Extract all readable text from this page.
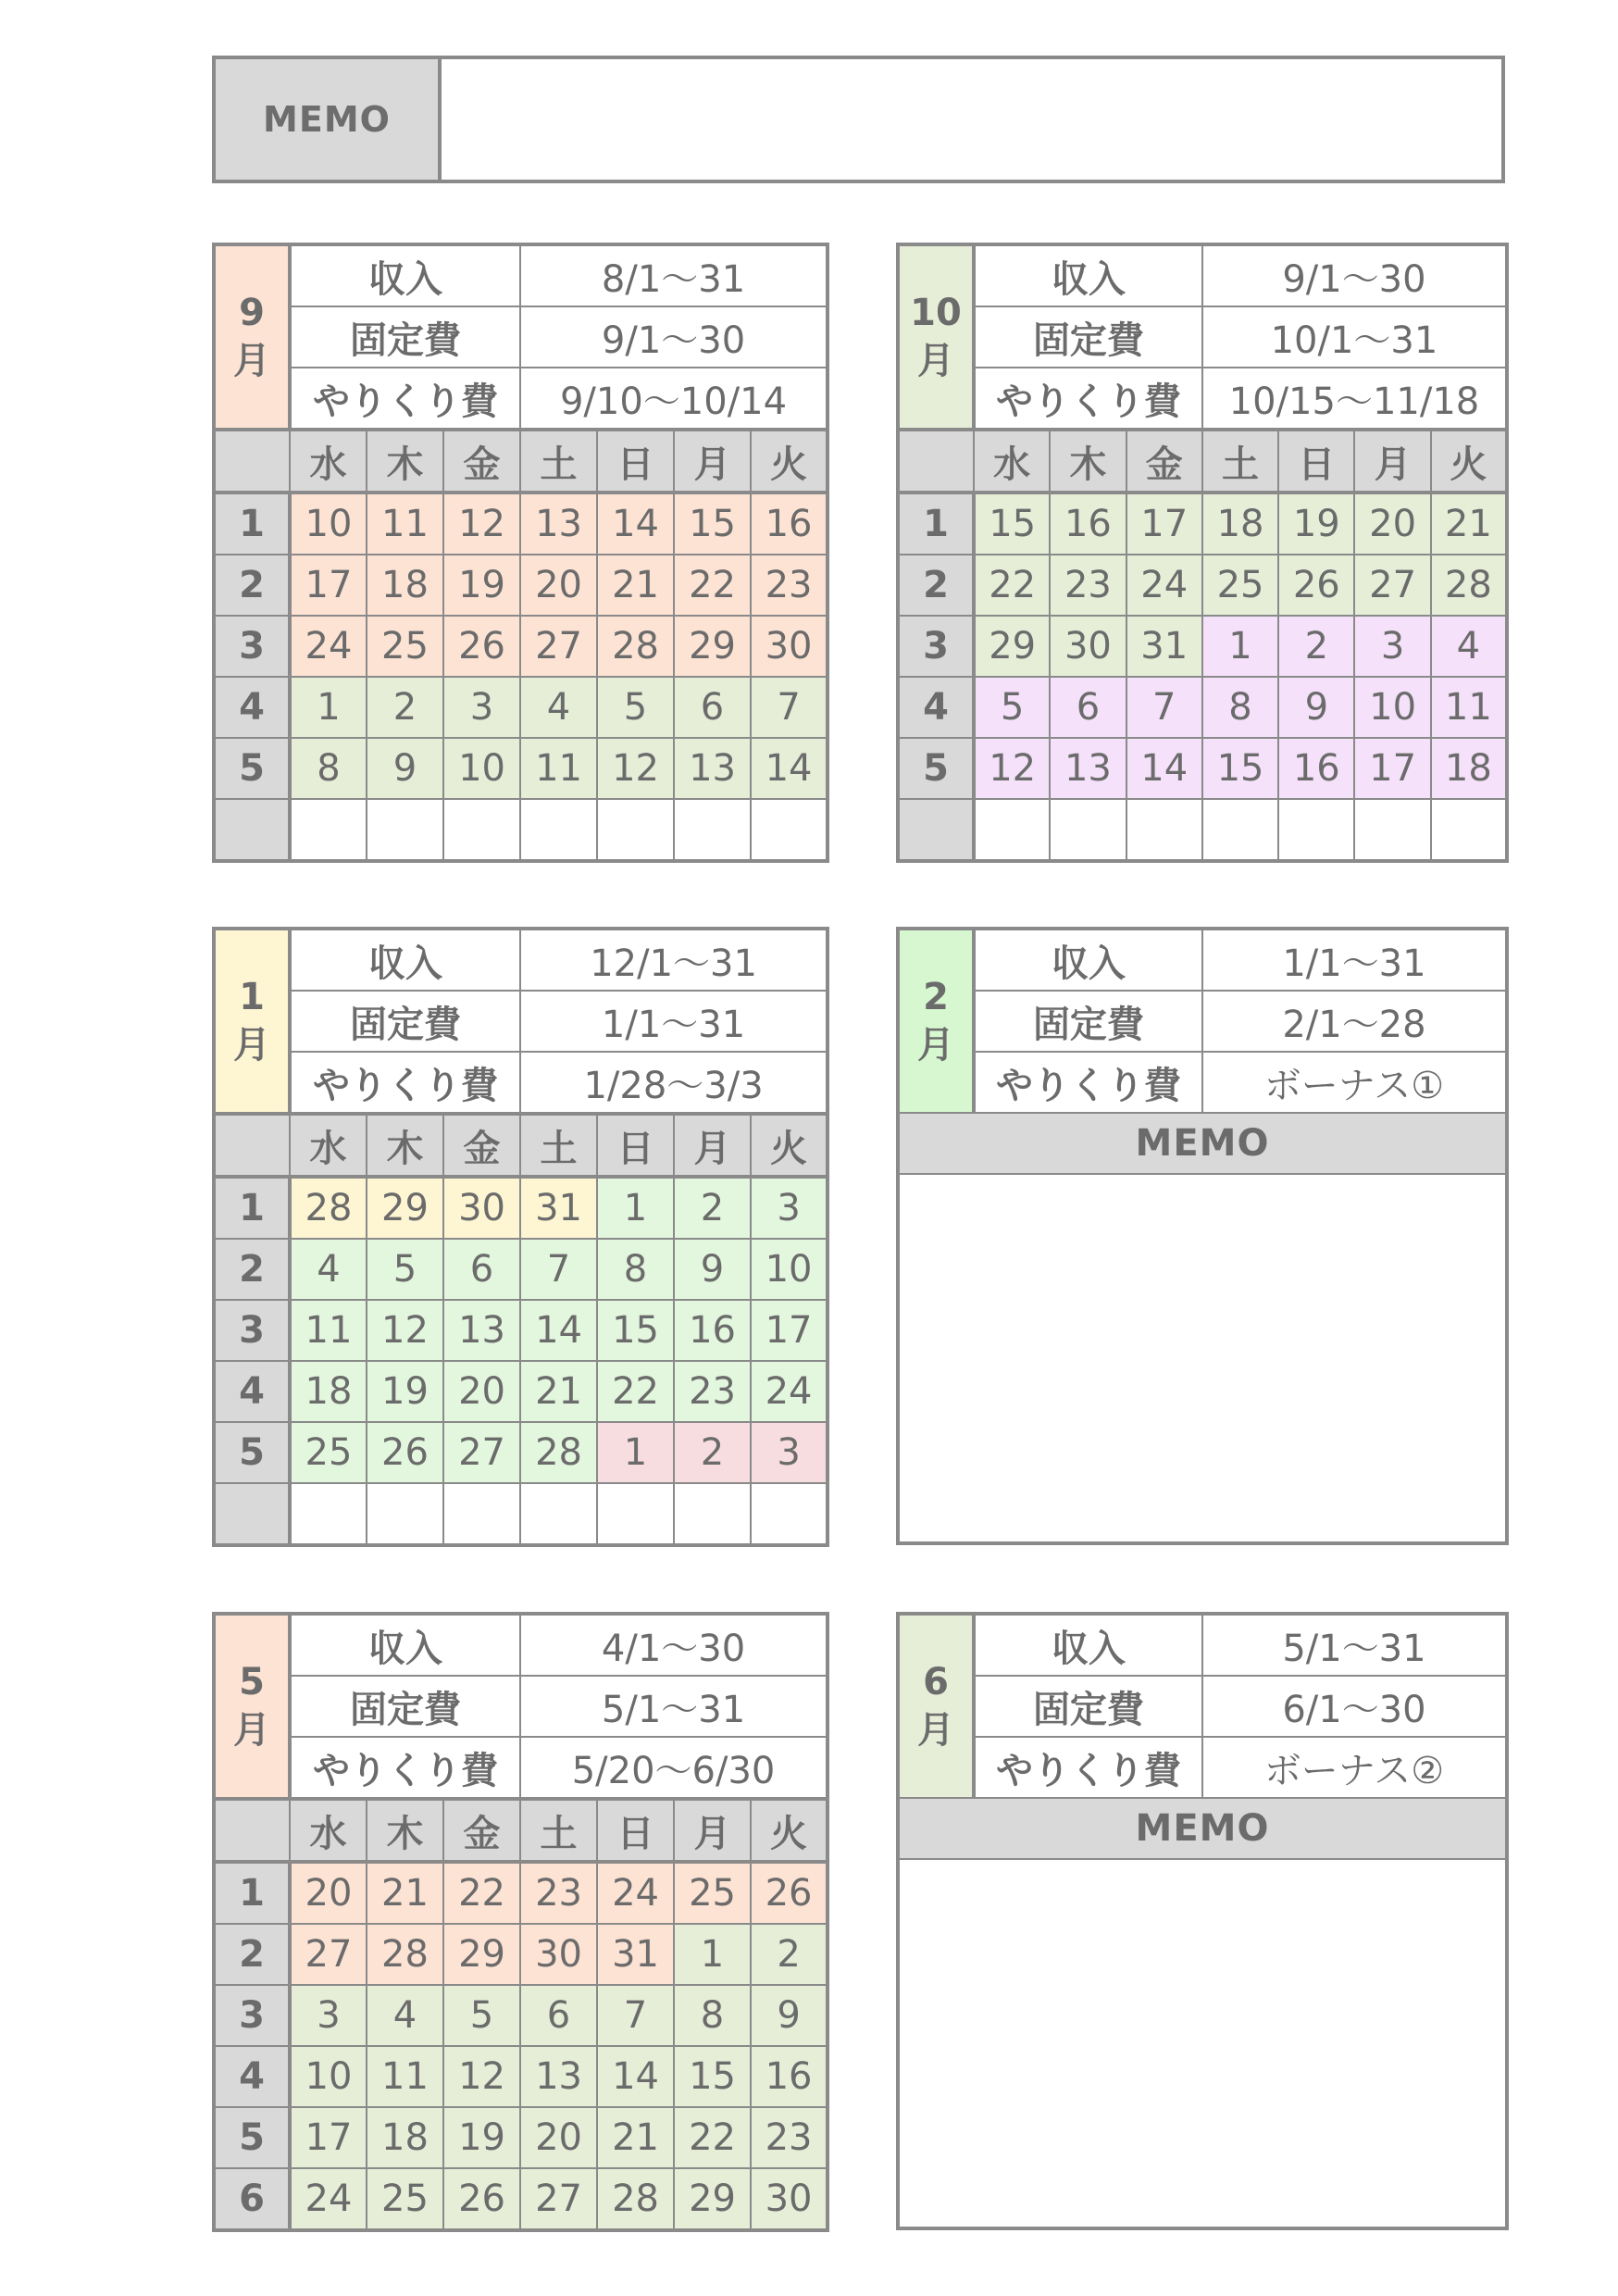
MEMO
9
月	収入			8/1〜31			
	固定費			9/1〜30			
	やりくり費			9/10〜10/14			
	水	木	金	土	日	月	火
1	10	11	12	13	14	15	16
2	17	18	19	20	21	22	23
3	24	25	26	27	28	29	30
4	1	2	3	4	5	6	7
5	8	9	10	11	12	13	14

10
月	収入			9/1〜30			
	固定費			10/1〜31			
	やりくり費			10/15〜11/18			
	水	木	金	土	日	月	火
1	15	16	17	18	19	20	21
2	22	23	24	25	26	27	28
3	29	30	31	1	2	3	4
4	5	6	7	8	9	10	11
5	12	13	14	15	16	17	18

1
月	収入			12/1〜31			
	固定費			1/1〜31			
	やりくり費			1/28〜3/3			
	水	木	金	土	日	月	火
1	28	29	30	31	1	2	3
2	4	5	6	7	8	9	10
3	11	12	13	14	15	16	17
4	18	19	20	21	22	23	24
5	25	26	27	28	1	2	3

2
月	収入	1/1〜31
	固定費	2/1〜28
	やりくり費	ボーナス①
MEMO		

5
月	収入			4/1〜30			
	固定費			5/1〜31			
	やりくり費			5/20〜6/30			
	水	木	金	土	日	月	火
1	20	21	22	23	24	25	26
2	27	28	29	30	31	1	2
3	3	4	5	6	7	8	9
4	10	11	12	13	14	15	16
5	17	18	19	20	21	22	23
6	24	25	26	27	28	29	30
6
月	収入	5/1〜31
	固定費	6/1〜30
	やりくり費	ボーナス②
MEMO		
